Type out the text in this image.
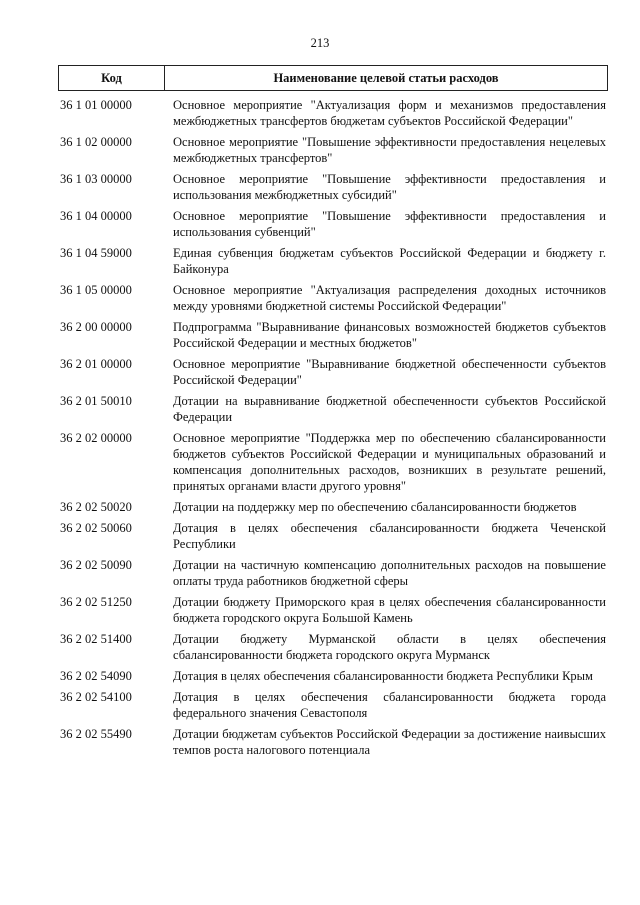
213
Код	Наименование целевой статьи расходов
36 1 01 00000	Основное мероприятие "Актуализация форм и механизмов предоставления межбюджетных трансфертов бюджетам субъектов Российской Федерации"
36 1 02 00000	Основное мероприятие "Повышение эффективности предоставления нецелевых межбюджетных трансфертов"
36 1 03 00000	Основное мероприятие "Повышение эффективности предоставления и использования межбюджетных субсидий"
36 1 04 00000	Основное мероприятие "Повышение эффективности предоставления и использования субвенций"
36 1 04 59000	Единая субвенция бюджетам субъектов Российской Федерации и бюджету г. Байконура
36 1 05 00000	Основное мероприятие "Актуализация распределения доходных источников между уровнями бюджетной системы Российской Федерации"
36 2 00 00000	Подпрограмма "Выравнивание финансовых возможностей бюджетов субъектов Российской Федерации и местных бюджетов"
36 2 01 00000	Основное мероприятие "Выравнивание бюджетной обеспеченности субъектов Российской Федерации"
36 2 01 50010	Дотации на выравнивание бюджетной обеспеченности субъектов Российской Федерации
36 2 02 00000	Основное мероприятие "Поддержка мер по обеспечению сбалансированности бюджетов субъектов Российской Федерации и муниципальных образований и компенсация дополнительных расходов, возникших в результате решений, принятых органами власти другого уровня"
36 2 02 50020	Дотации на поддержку мер по обеспечению сбалансированности бюджетов
36 2 02 50060	Дотация в целях обеспечения сбалансированности бюджета Чеченской Республики
36 2 02 50090	Дотации на частичную компенсацию дополнительных расходов на повышение оплаты труда работников бюджетной сферы
36 2 02 51250	Дотации бюджету Приморского края в целях обеспечения сбалансированности бюджета городского округа Большой Камень
36 2 02 51400	Дотации бюджету Мурманской области в целях обеспечения сбалансированности бюджета городского округа Мурманск
36 2 02 54090	Дотация в целях обеспечения сбалансированности бюджета Республики Крым
36 2 02 54100	Дотация в целях обеспечения сбалансированности бюджета города федерального значения Севастополя
36 2 02 55490	Дотации бюджетам субъектов Российской Федерации за достижение наивысших темпов роста налогового потенциала
